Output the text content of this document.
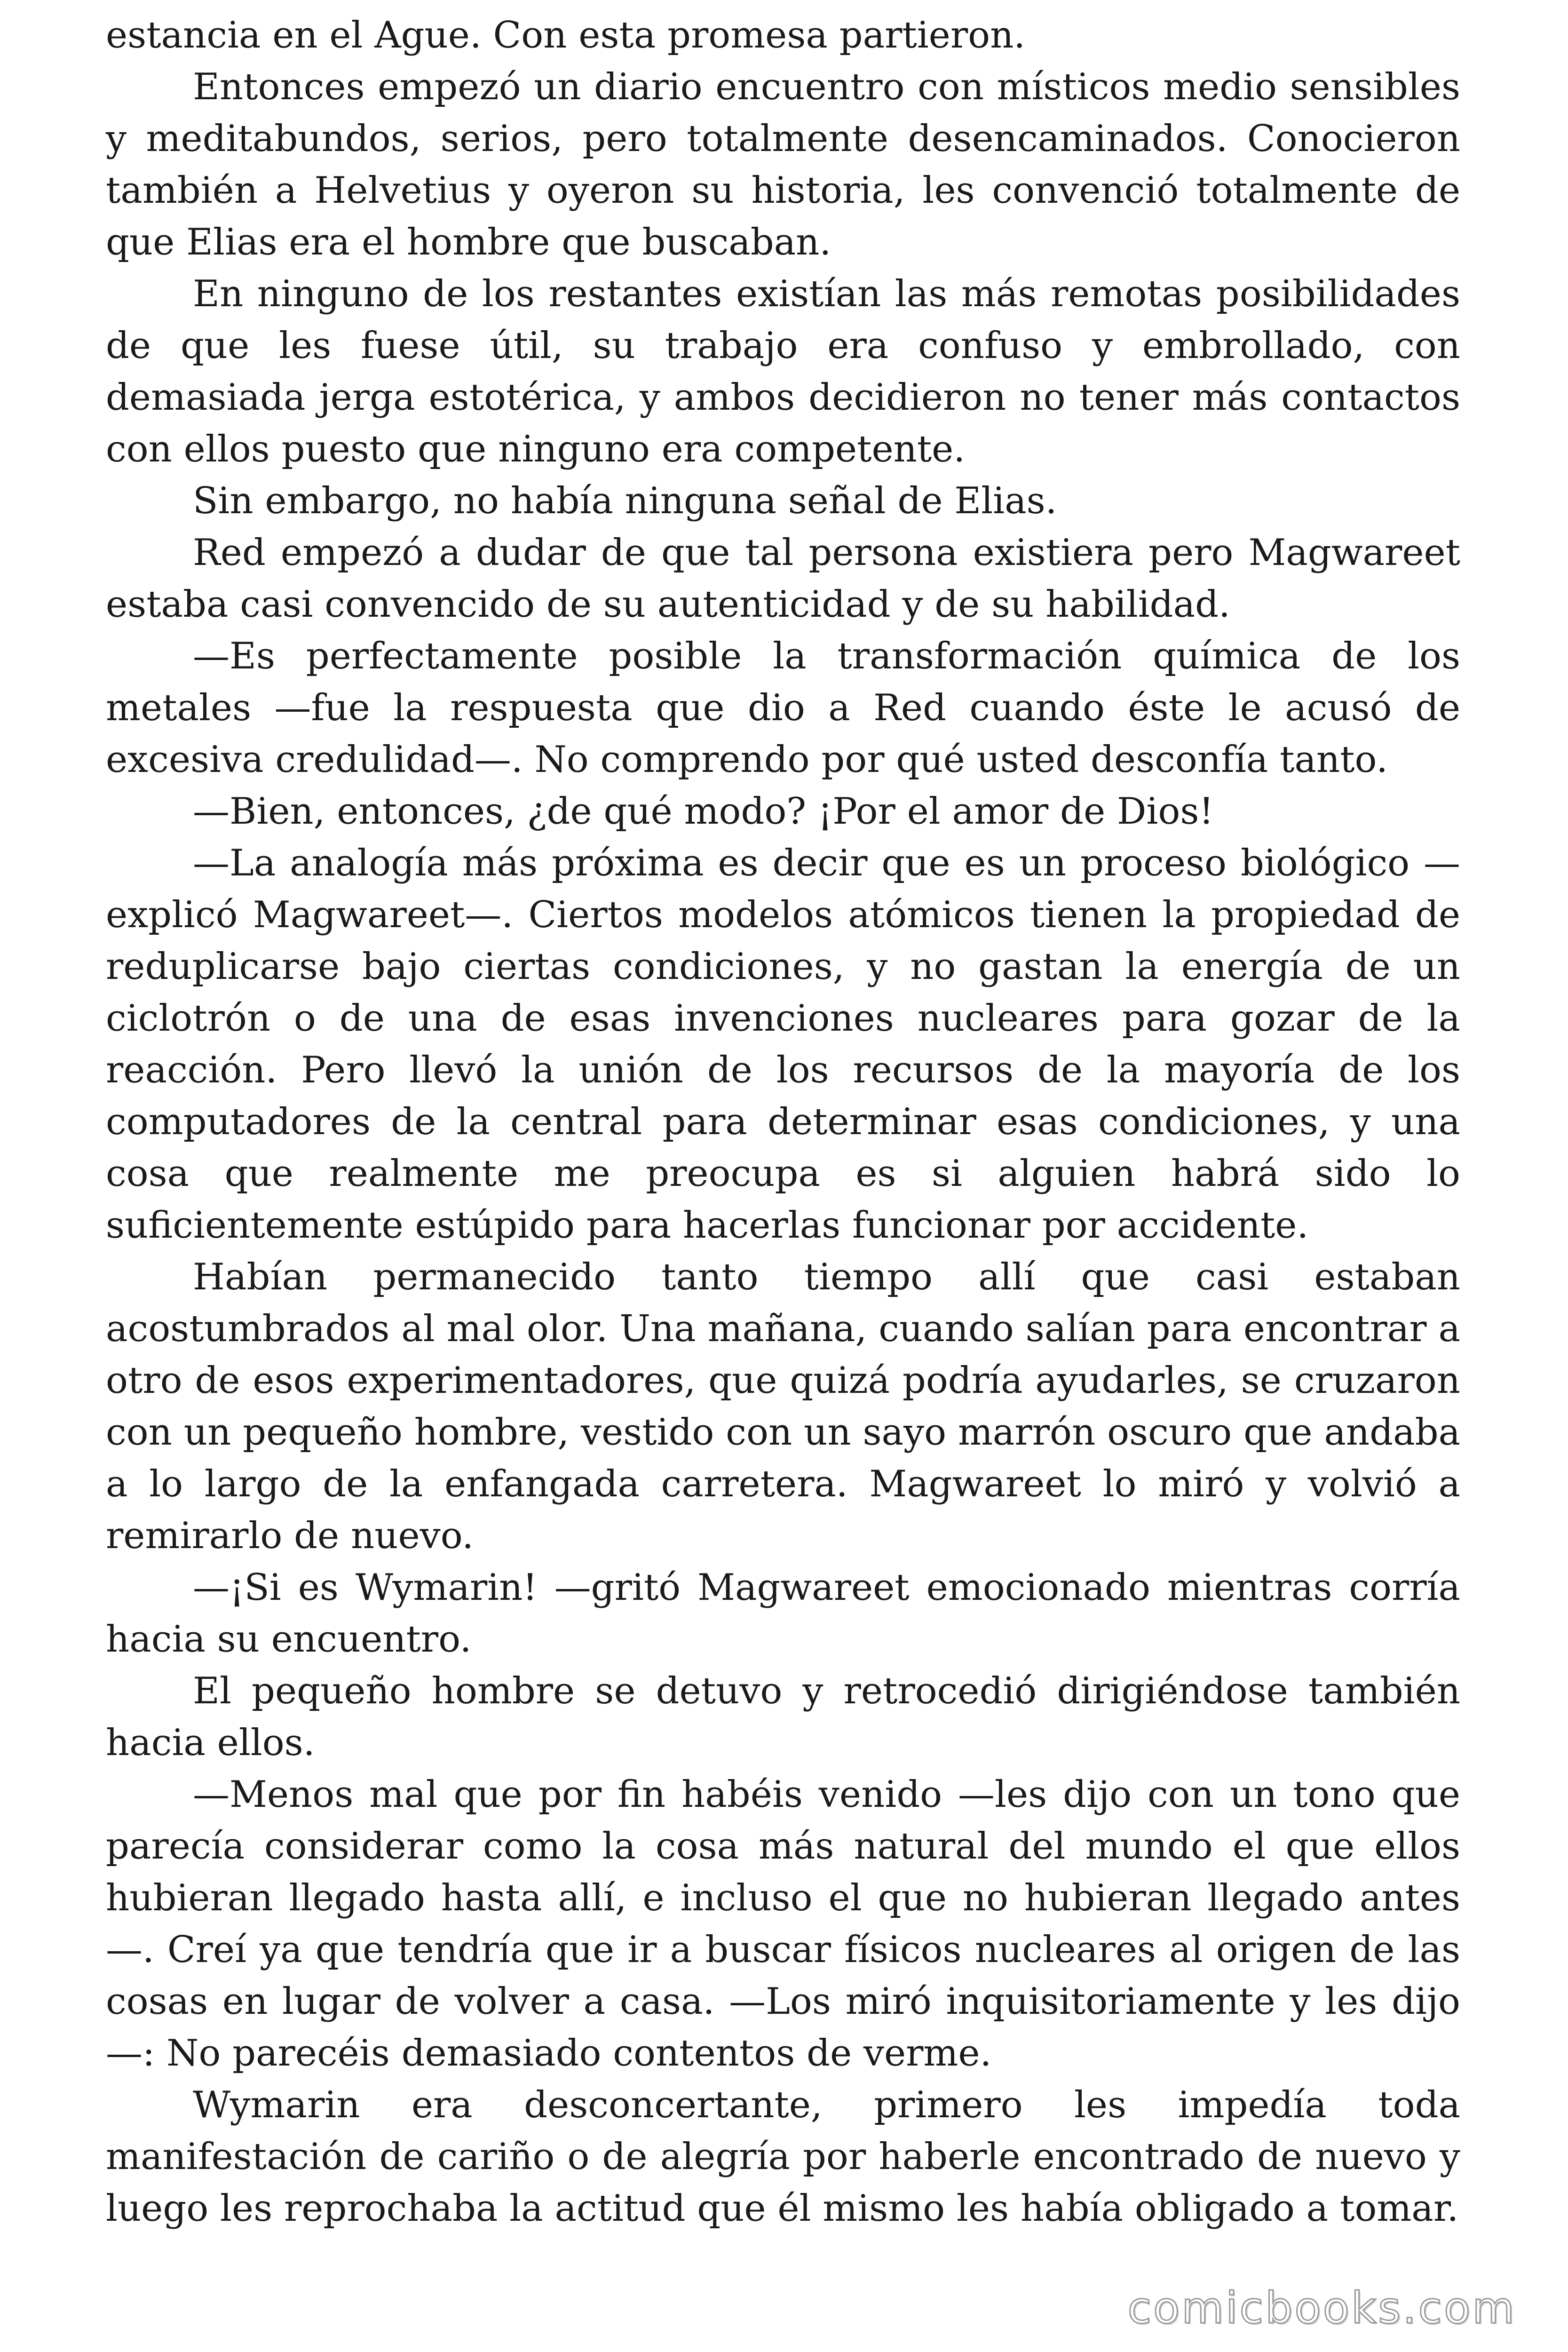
estancia en el Ague. Con esta promesa partieron.

Entonces empezó un diario encuentro con místicos medio sensibles y meditabundos, serios, pero totalmente desencaminados. Conocieron también a Helvetius y oyeron su historia, les convenció totalmente de que Elias era el hombre que buscaban.

En ninguno de los restantes existían las más remotas posibilidades de que les fuese útil, su trabajo era confuso y embrollado, con demasiada jerga estotérica, y ambos decidieron no tener más contactos con ellos puesto que ninguno era competente.

Sin embargo, no había ninguna señal de Elias.

Red empezó a dudar de que tal persona existiera pero Magwareet estaba casi convencido de su autenticidad y de su habilidad.

—Es perfectamente posible la transformación química de los metales —fue la respuesta que dio a Red cuando éste le acusó de excesiva credulidad—. No comprendo por qué usted desconfía tanto.

—Bien, entonces, ¿de qué modo? ¡Por el amor de Dios!

—La analogía más próxima es decir que es un proceso biológico —explicó Magwareet—. Ciertos modelos atómicos tienen la propiedad de reduplicarse bajo ciertas condiciones, y no gastan la energía de un ciclotrón o de una de esas invenciones nucleares para gozar de la reacción. Pero llevó la unión de los recursos de la mayoría de los computadores de la central para determinar esas condiciones, y una cosa que realmente me preocupa es si alguien habrá sido lo suficientemente estúpido para hacerlas funcionar por accidente.

Habían permanecido tanto tiempo allí que casi estaban acostumbrados al mal olor. Una mañana, cuando salían para encontrar a otro de esos experimentadores, que quizá podría ayudarles, se cruzaron con un pequeño hombre, vestido con un sayo marrón oscuro que andaba a lo largo de la enfangada carretera. Magwareet lo miró y volvió a remirarlo de nuevo.

—¡Si es Wymarin! —gritó Magwareet emocionado mientras corría hacia su encuentro.

El pequeño hombre se detuvo y retrocedió dirigiéndose también hacia ellos.

—Menos mal que por fin habéis venido —les dijo con un tono que parecía considerar como la cosa más natural del mundo el que ellos hubieran llegado hasta allí, e incluso el que no hubieran llegado antes —. Creí ya que tendría que ir a buscar físicos nucleares al origen de las cosas en lugar de volver a casa. —Los miró inquisitoriamente y les dijo—: No parecéis demasiado contentos de verme.

Wymarin era desconcertante, primero les impedía toda manifestación de cariño o de alegría por haberle encontrado de nuevo y luego les reprochaba la actitud que él mismo les había obligado a tomar.

comicbooks.com
